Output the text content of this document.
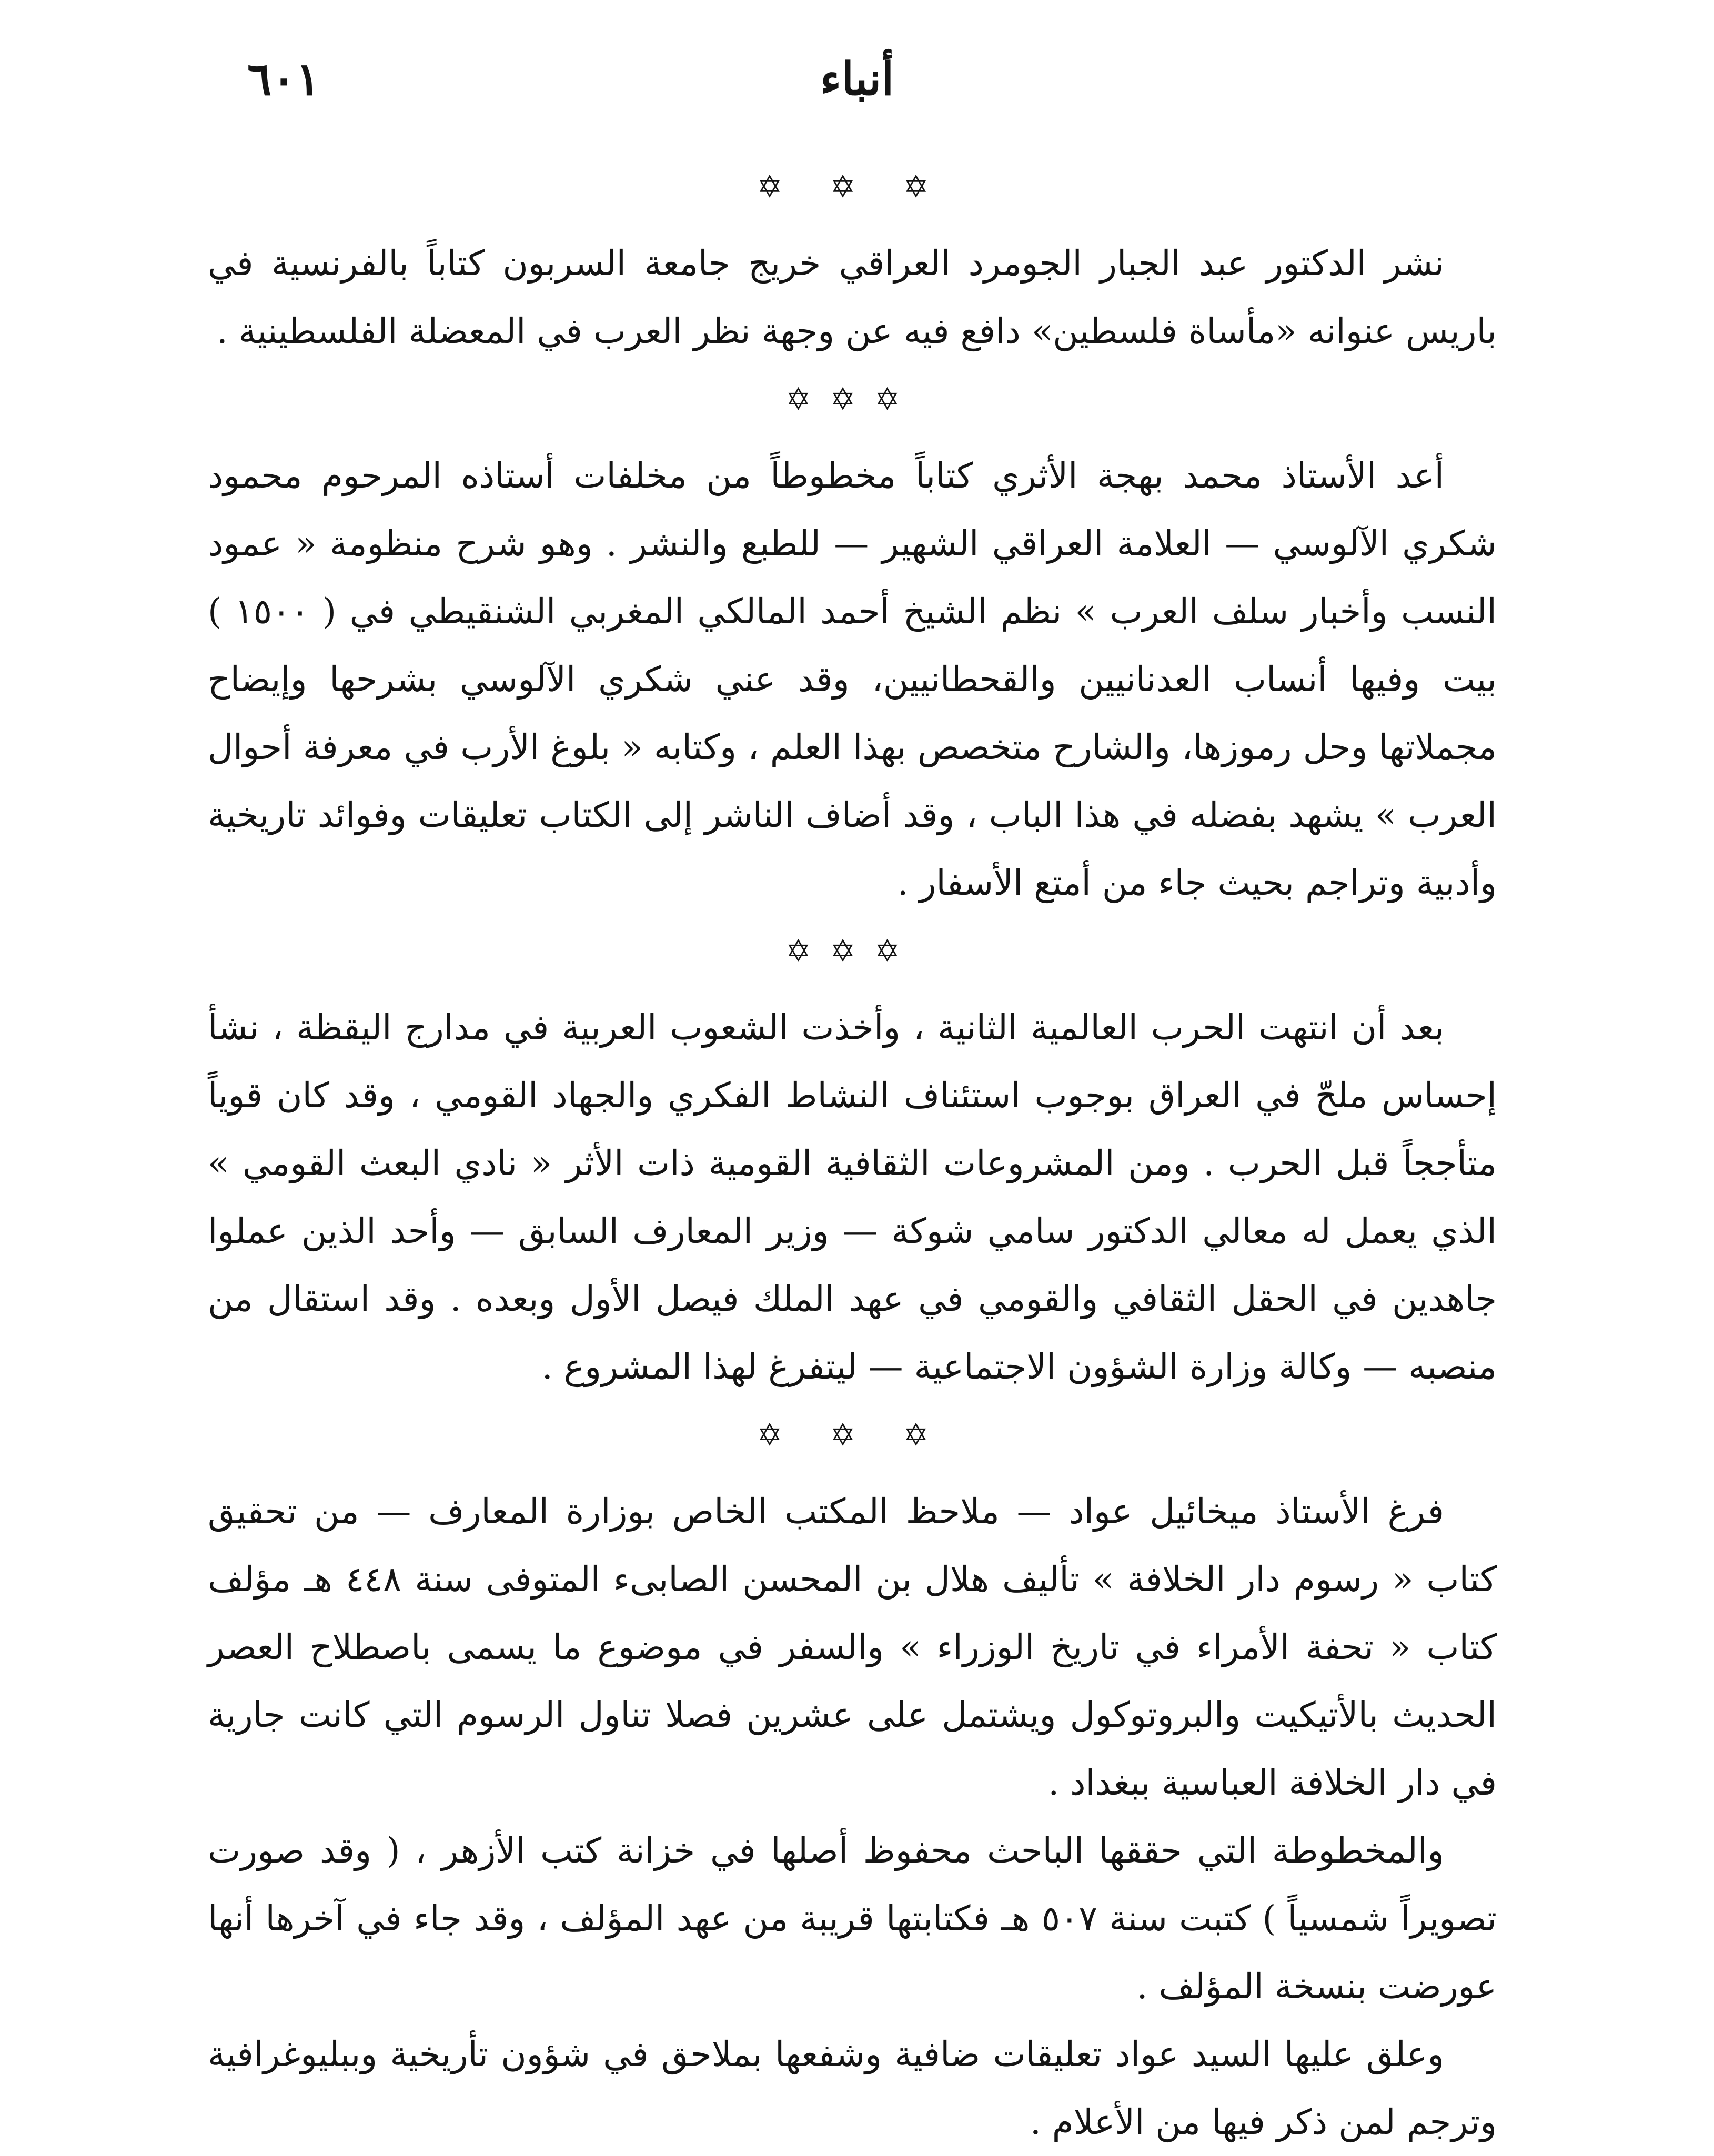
٦٠١	أنباء
✡ ✡ ✡

نشر الدكتور عبد الجبار الجومرد العراقي خريج جامعة السربون كتاباً بالفرنسية في باريس عنوانه «مأساة فلسطين» دافع فيه عن وجهة نظر العرب في المعضلة الفلسطينية .

✡✡✡

أعد الأستاذ محمد بهجة الأثري كتاباً مخطوطاً من مخلفات أستاذه المرحوم محمود شكري الآلوسي — العلامة العراقي الشهير — للطبع والنشر . وهو شرح منظومة « عمود النسب وأخبار سلف العرب » نظم الشيخ أحمد المالكي المغربي الشنقيطي في ( ١٥٠٠ ) بيت وفيها أنساب العدنانيين والقحطانيين، وقد عني شكري الآلوسي بشرحها وإيضاح مجملاتها وحل رموزها، والشارح متخصص بهذا العلم ، وكتابه « بلوغ الأرب في معرفة أحوال العرب » يشهد بفضله في هذا الباب ، وقد أضاف الناشر إلى الكتاب تعليقات وفوائد تاريخية وأدبية وتراجم بحيث جاء من أمتع الأسفار .

✡✡✡

بعد أن انتهت الحرب العالمية الثانية ، وأخذت الشعوب العربية في مدارج اليقظة ، نشأ إحساس ملحّ في العراق بوجوب استئناف النشاط الفكري والجهاد القومي ، وقد كان قوياً متأججاً قبل الحرب . ومن المشروعات الثقافية القومية ذات الأثر « نادي البعث القومي » الذي يعمل له معالي الدكتور سامي شوكة — وزير المعارف السابق — وأحد الذين عملوا جاهدين في الحقل الثقافي والقومي في عهد الملك فيصل الأول وبعده . وقد استقال من منصبه — وكالة وزارة الشؤون الاجتماعية — ليتفرغ لهذا المشروع .

✡ ✡ ✡

فرغ الأستاذ ميخائيل عواد — ملاحظ المكتب الخاص بوزارة المعارف — من تحقيق كتاب « رسوم دار الخلافة » تأليف هلال بن المحسن الصابىء المتوفى سنة ٤٤٨ هـ مؤلف كتاب « تحفة الأمراء في تاريخ الوزراء » والسفر في موضوع ما يسمى باصطلاح العصر الحديث بالأتيكيت والبروتوكول ويشتمل على عشرين فصلا تناول الرسوم التي كانت جارية في دار الخلافة العباسية ببغداد .

والمخطوطة التي حققها الباحث محفوظ أصلها في خزانة كتب الأزهر ، ( وقد صورت تصويراً شمسياً ) كتبت سنة ٥٠٧ هـ فكتابتها قريبة من عهد المؤلف ، وقد جاء في آخرها أنها عورضت بنسخة المؤلف .

وعلق عليها السيد عواد تعليقات ضافية وشفعها بملاحق في شؤون تأريخية وببليوغرافية وترجم لمن ذكر فيها من الأعلام .
